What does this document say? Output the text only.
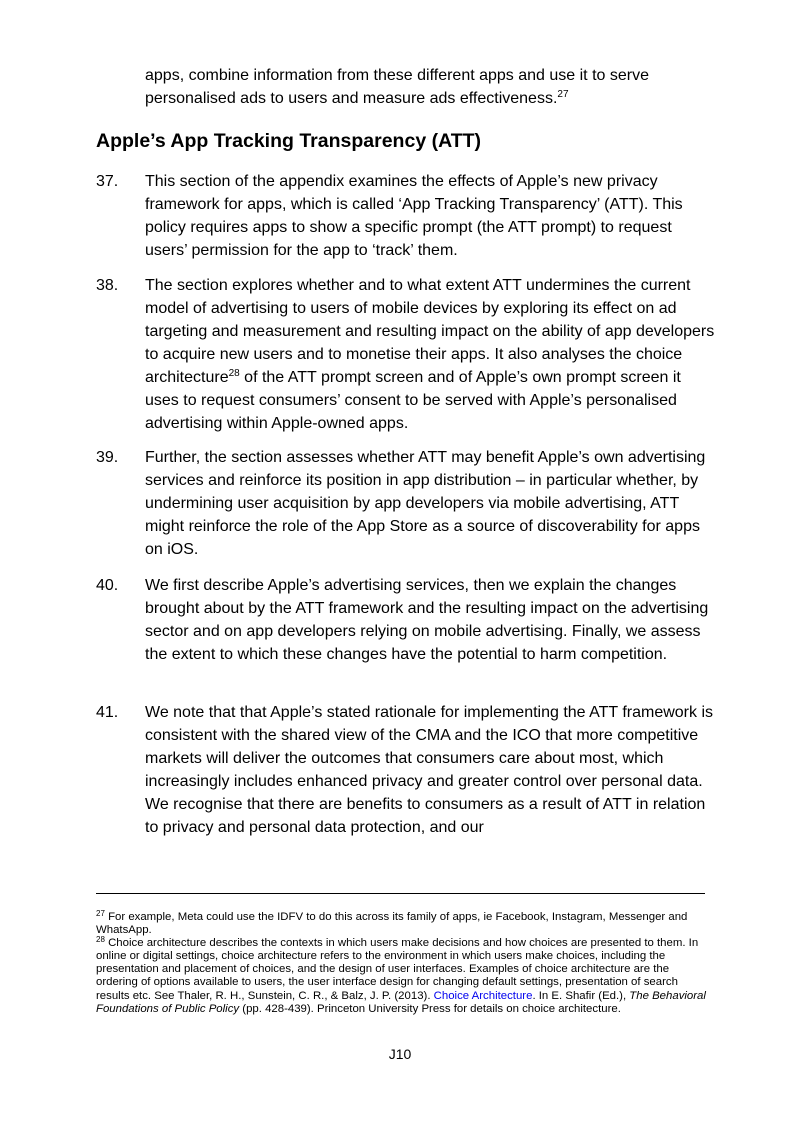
apps, combine information from these different apps and use it to serve personalised ads to users and measure ads effectiveness.$^{27}$

Apple’s App Tracking Transparency (ATT)
37. This section of the appendix examines the effects of Apple’s new privacy framework for apps, which is called ‘App Tracking Transparency’ (ATT). This policy requires apps to show a specific prompt (the ATT prompt) to request users’ permission for the app to ‘track’ them.
38. The section explores whether and to what extent ATT undermines the current model of advertising to users of mobile devices by exploring its effect on ad targeting and measurement and resulting impact on the ability of app developers to acquire new users and to monetise their apps. It also analyses the choice architecture$^{28}$ of the ATT prompt screen and of Apple’s own prompt screen it uses to request consumers’ consent to be served with Apple’s personalised advertising within Apple-owned apps.
39. Further, the section assesses whether ATT may benefit Apple’s own advertising services and reinforce its position in app distribution – in particular whether, by undermining user acquisition by app developers via mobile advertising, ATT might reinforce the role of the App Store as a source of discoverability for apps on iOS.
40. We first describe Apple’s advertising services, then we explain the changes brought about by the ATT framework and the resulting impact on the advertising sector and on app developers relying on mobile advertising. Finally, we assess the extent to which these changes have the potential to harm competition.
41. We note that that Apple’s stated rationale for implementing the ATT framework is consistent with the shared view of the CMA and the ICO that more competitive markets will deliver the outcomes that consumers care about most, which increasingly includes enhanced privacy and greater control over personal data. We recognise that there are benefits to consumers as a result of ATT in relation to privacy and personal data protection, and our

$^{27}$ For example, Meta could use the IDFV to do this across its family of apps, ie Facebook, Instagram, Messenger and WhatsApp.

$^{28}$ Choice architecture describes the contexts in which users make decisions and how choices are presented to them. In online or digital settings, choice architecture refers to the environment in which users make choices, including the presentation and placement of choices, and the design of user interfaces. Examples of choice architecture are the ordering of options available to users, the user interface design for changing default settings, presentation of search results etc. See Thaler, R. H., Sunstein, C. R., & Balz, J. P. (2013). Choice Architecture. In E. Shafir (Ed.), The Behavioral Foundations of Public Policy (pp. 428-439). Princeton University Press for details on choice architecture.

J10
